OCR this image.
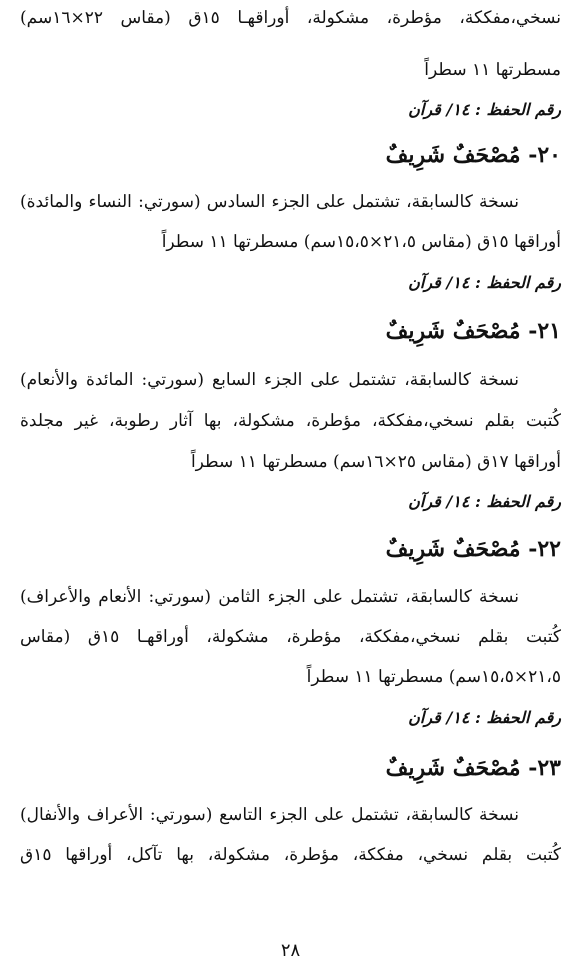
نسخي،مفككة، مؤطرة، مشكولة، أوراقهـا ١٥ق (مقاس ٢٢×١٦سم)
مسطرتها ١١ سطراً
رقم الحفظ : ١٤/ قرآن
٢٠- مُصْحَفٌ شَرِيفٌ
نسخة كالسابقة، تشتمل على الجزء السادس (سورتي: النساء والمائدة)
أوراقها ١٥ق (مقاس ٢١،٥×١٥،٥سم) مسطرتها ١١ سطراً
رقم الحفظ : ١٤/ قرآن
٢١- مُصْحَفٌ شَرِيفٌ
نسخة كالسابقة، تشتمل على الجزء السابع (سورتي: المائدة والأنعام)
كُتبت بقلم نسخي،مفككة، مؤطرة، مشكولة، بها آثار رطوبة، غير مجلدة
أوراقها ١٧ق (مقاس ٢٥×١٦سم) مسطرتها ١١ سطراً
رقم الحفظ : ١٤/ قرآن
٢٢- مُصْحَفٌ شَرِيفٌ
نسخة كالسابقة، تشتمل على الجزء الثامن (سورتي: الأنعام والأعراف)
كُتبت بقلم نسخي،مفككة، مؤطرة، مشكولة، أوراقهـا ١٥ق (مقاس
٢١،٥×١٥،٥سم) مسطرتها ١١ سطراً
رقم الحفظ : ١٤/ قرآن
٢٣- مُصْحَفٌ شَرِيفٌ
نسخة كالسابقة، تشتمل على الجزء التاسع (سورتي: الأعراف والأنفال)
كُتبت بقلم نسخي، مفككة، مؤطرة، مشكولة، بها تآكل، أوراقها ١٥ق
٢٨
